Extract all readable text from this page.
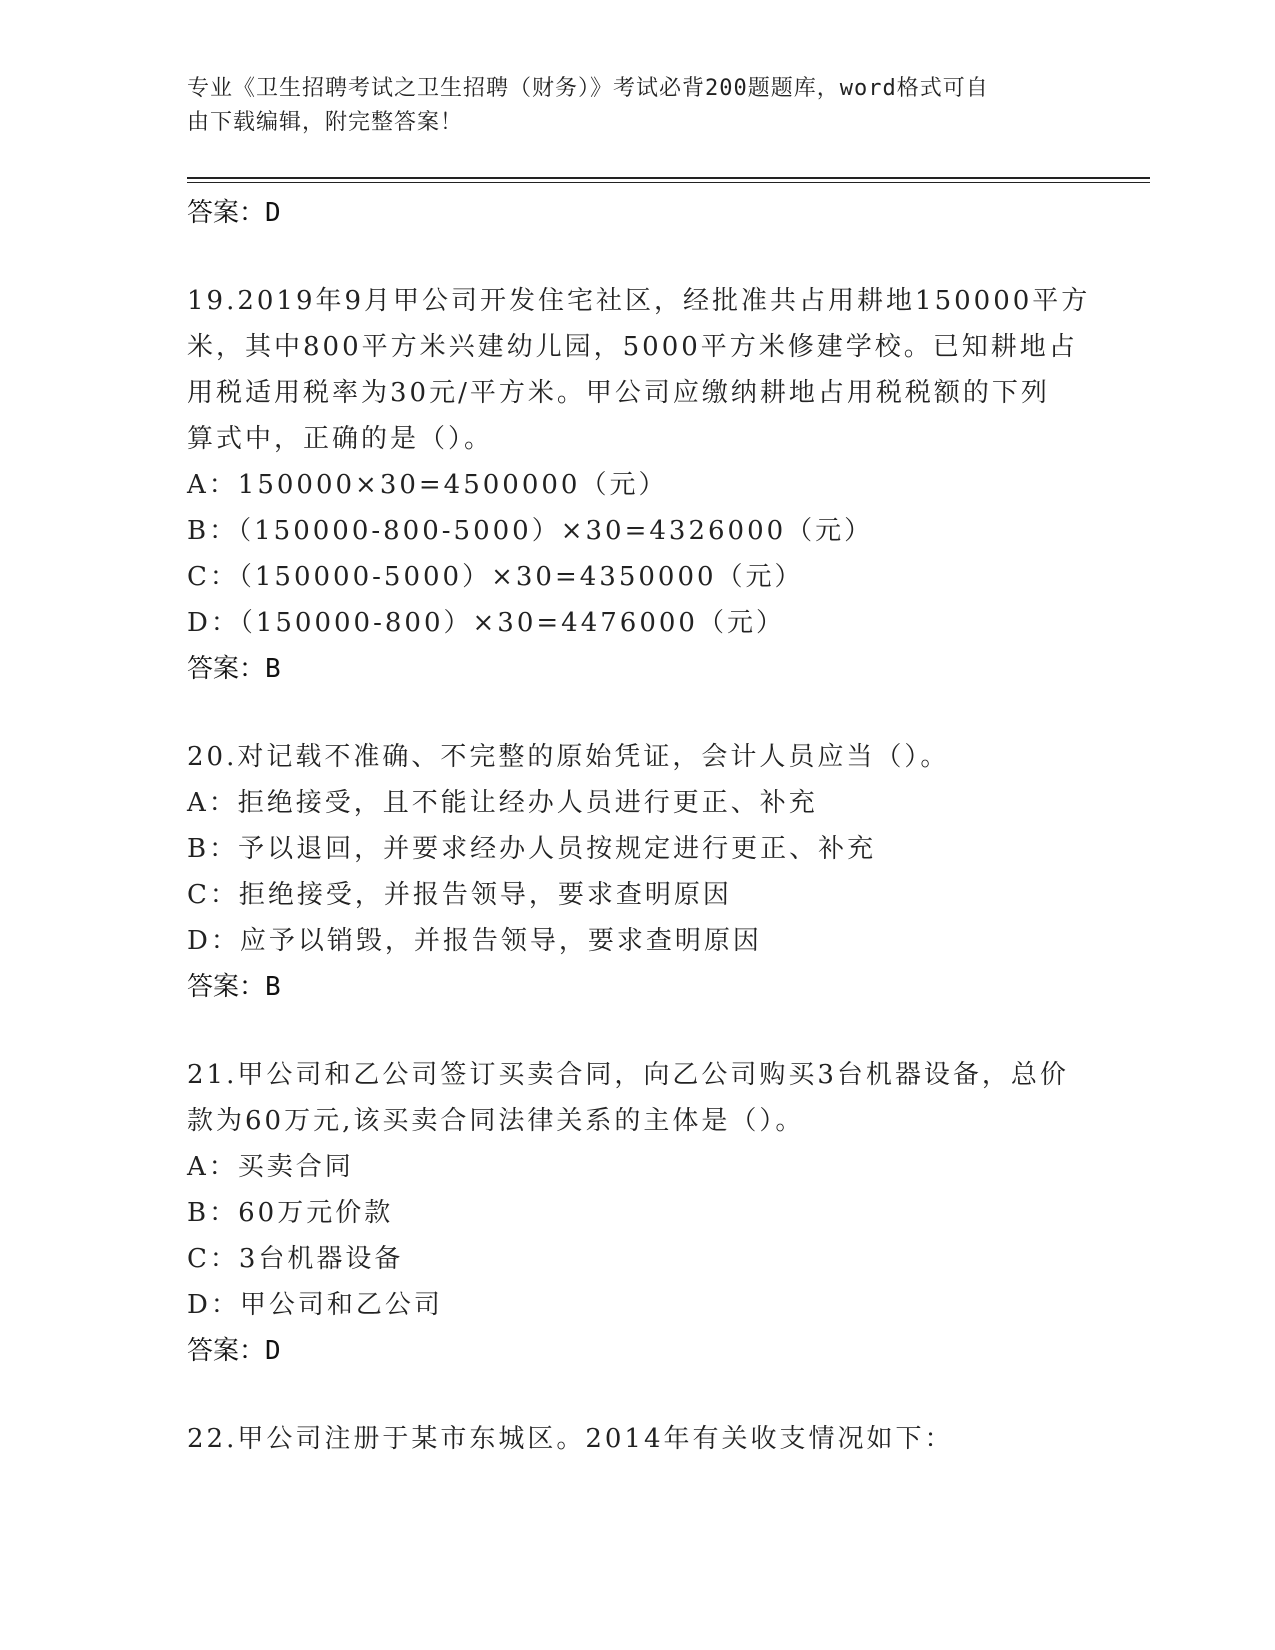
专业《卫生招聘考试之卫生招聘（财务）》考试必背200题题库，word格式可自
由下载编辑，附完整答案！
答案：D
19.2019年9月甲公司开发住宅社区，经批准共占用耕地150000平方
米，其中800平方米兴建幼儿园，5000平方米修建学校。已知耕地占
用税适用税率为30元/平方米。甲公司应缴纳耕地占用税税额的下列
算式中，正确的是（）。
A：150000×30=4500000（元）
B：（150000-800-5000）×30=4326000（元）
C：（150000-5000）×30=4350000（元）
D：（150000-800）×30=4476000（元）
答案：B
20.对记载不准确、不完整的原始凭证，会计人员应当（）。
A：拒绝接受，且不能让经办人员进行更正、补充
B：予以退回，并要求经办人员按规定进行更正、补充
C：拒绝接受，并报告领导，要求查明原因
D：应予以销毁，并报告领导，要求查明原因
答案：B
21.甲公司和乙公司签订买卖合同，向乙公司购买3台机器设备，总价
款为60万元,该买卖合同法律关系的主体是（）。
A：买卖合同
B：60万元价款
C：3台机器设备
D：甲公司和乙公司
答案：D
22.甲公司注册于某市东城区。2014年有关收支情况如下：
